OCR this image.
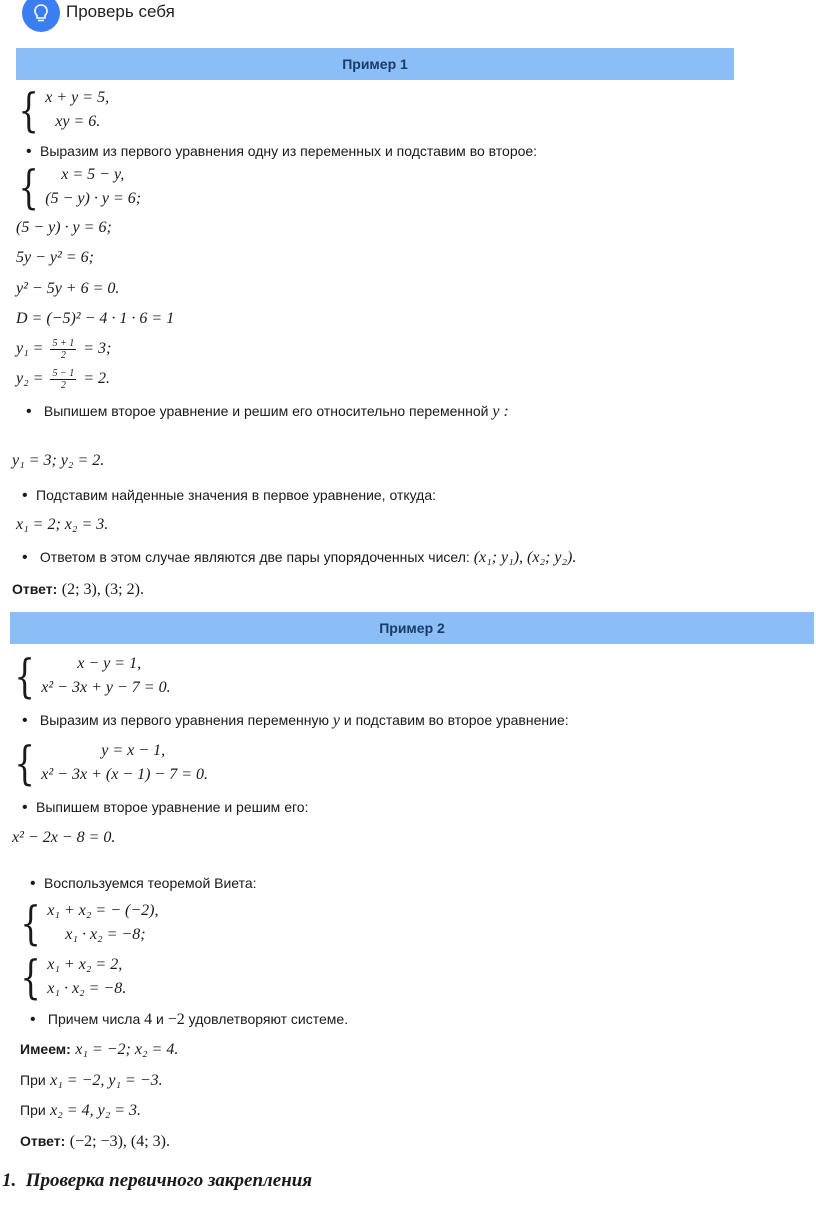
Проверь себя
Пример 1
{ x + y = 5,
xy = 6.
• Выразим из первого уравнения одну из переменных и подставим во второе:
{	x = 5 − y,
(5 − y) · y = 6;
(5 − y) · y = 6;
5y − y² = 6;
y² − 5y + 6 = 0.
D = (−5)² − 4 · 1 · 6 = 1
$y_1 = \frac{5 + 1}{2} = 3$;
$y_2 = \frac{5 - 1}{2} = 2$.
• Выпишем второе уравнение и решим его относительно переменной y :
y₁ = 3; y₂ = 2.
• Подставим найденные значения в первое уравнение, откуда:
x₁ = 2; x₂ = 3.
• Ответом в этом случае являются две пары упорядоченных чисел: (x₁; y₁), (x₂; y₂).
Ответ: (2; 3), (3; 2).
Пример 2
{	x − y = 1,
x² − 3x + y − 7 = 0.
• Выразим из первого уравнения переменную y и подставим во второе уравнение:
{	y = x − 1,
x² − 3x + (x − 1) − 7 = 0.
• Выпишем второе уравнение и решим его:
x² − 2x − 8 = 0.
• Воспользуемся теоремой Виета:
{ x₁ + x₂ = − (−2),
x₁ · x₂ = −8;
{ x₁ + x₂ = 2,
x₁ · x₂ = −8.
• Причем числа 4 и −2 удовлетворяют системе.
Имеем: x₁ = −2; x₂ = 4.
При x₁ = −2, y₁ = −3.
При x₂ = 4, y₂ = 3.
Ответ: (−2; −3), (4; 3).
1. Проверка первичного закрепления
